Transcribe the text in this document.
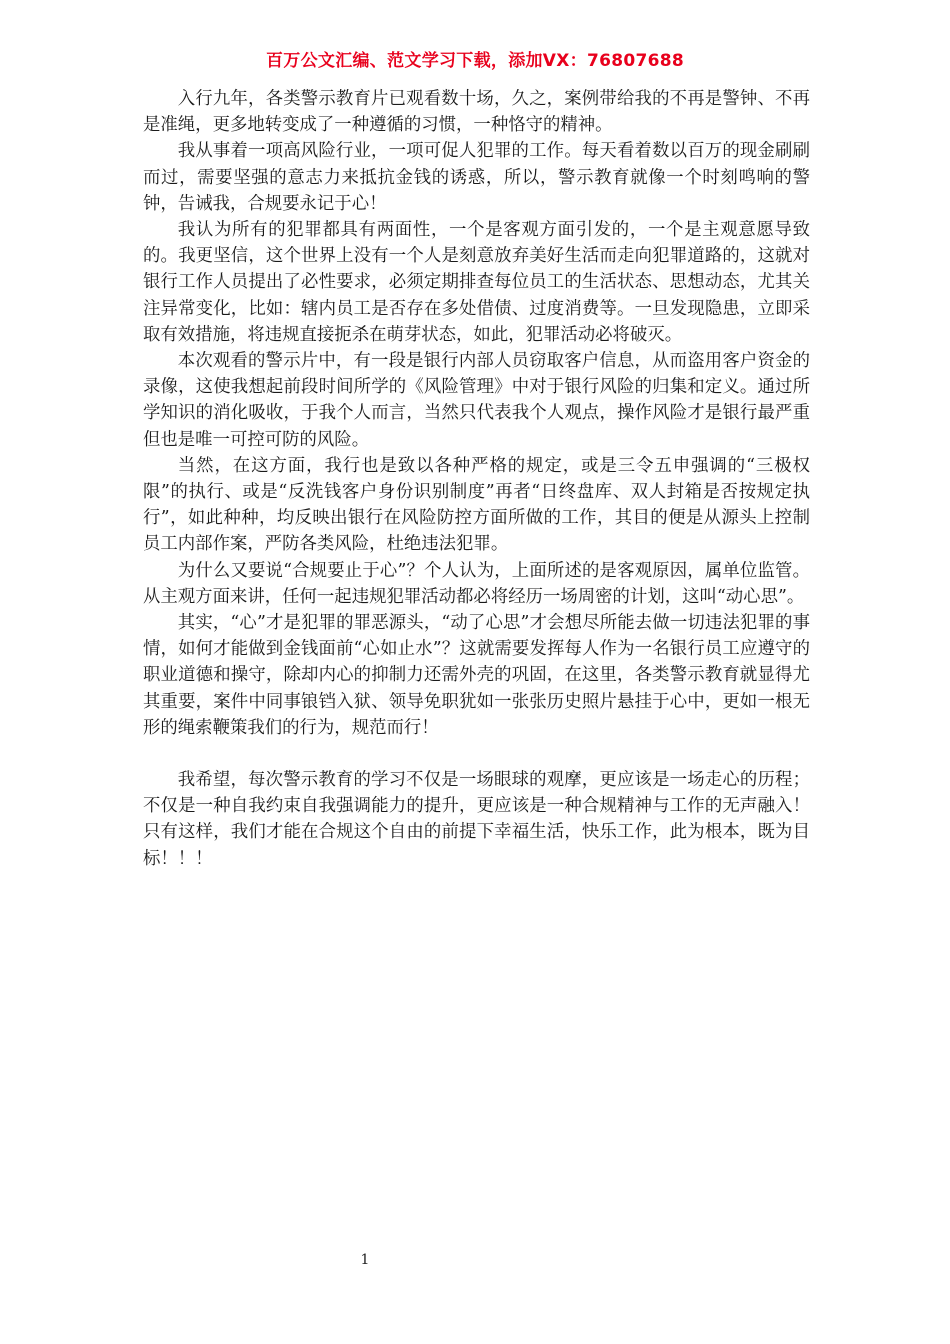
百万公文汇编、范文学习下载，添加VX：76807688

入行九年，各类警示教育片已观看数十场，久之，案例带给我的不再是警钟、不再是准绳，更多地转变成了一种遵循的习惯，一种恪守的精神。

我从事着一项高风险行业，一项可促人犯罪的工作。每天看着数以百万的现金刷刷而过，需要坚强的意志力来抵抗金钱的诱惑，所以，警示教育就像一个时刻鸣响的警钟，告诫我，合规要永记于心！

我认为所有的犯罪都具有两面性，一个是客观方面引发的，一个是主观意愿导致的。我更坚信，这个世界上没有一个人是刻意放弃美好生活而走向犯罪道路的，这就对银行工作人员提出了必性要求，必须定期排查每位员工的生活状态、思想动态，尤其关注异常变化，比如：辖内员工是否存在多处借债、过度消费等。一旦发现隐患，立即采取有效措施，将违规直接扼杀在萌芽状态，如此，犯罪活动必将破灭。

本次观看的警示片中，有一段是银行内部人员窃取客户信息，从而盗用客户资金的录像，这使我想起前段时间所学的《风险管理》中对于银行风险的归集和定义。通过所学知识的消化吸收，于我个人而言，当然只代表我个人观点，操作风险才是银行最严重但也是唯一可控可防的风险。

当然，在这方面，我行也是致以各种严格的规定，或是三令五申强调的“三极权限”的执行、或是“反洗钱客户身份识别制度”再者“日终盘库、双人封箱是否按规定执行”，如此种种，均反映出银行在风险防控方面所做的工作，其目的便是从源头上控制员工内部作案，严防各类风险，杜绝违法犯罪。

为什么又要说“合规要止于心”？个人认为，上面所述的是客观原因，属单位监管。从主观方面来讲，任何一起违规犯罪活动都必将经历一场周密的计划，这叫“动心思”。

其实，“心”才是犯罪的罪恶源头，“动了心思”才会想尽所能去做一切违法犯罪的事情，如何才能做到金钱面前“心如止水”？这就需要发挥每人作为一名银行员工应遵守的职业道德和操守，除却内心的抑制力还需外壳的巩固，在这里，各类警示教育就显得尤其重要，案件中同事锒铛入狱、领导免职犹如一张张历史照片悬挂于心中，更如一根无形的绳索鞭策我们的行为，规范而行！

我希望，每次警示教育的学习不仅是一场眼球的观摩，更应该是一场走心的历程；不仅是一种自我约束自我强调能力的提升，更应该是一种合规精神与工作的无声融入！只有这样，我们才能在合规这个自由的前提下幸福生活，快乐工作，此为根本，既为目标！！！

1
